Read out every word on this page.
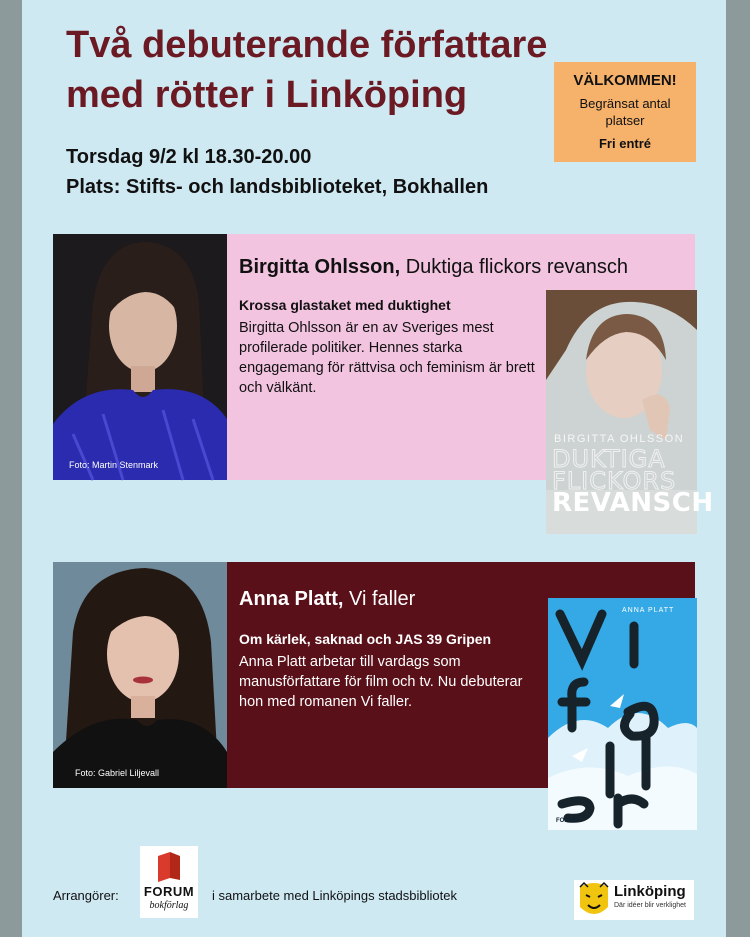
Två debuterande författare
med rötter i Linköping	VÄLKOMMEN!
Begränsat antal platser
Fri entré
Torsdag 9/2 kl 18.30-20.00
Plats: Stifts- och landsbiblioteket, Bokhallen
Foto: Martin Stenmark
Birgitta Ohlsson, Duktiga flickors revansch
Krossa glastaket med duktighet
Birgitta Ohlsson är en av Sveriges mest profilerade politiker. Hennes starka engagemang för rättvisa och feminism är brett och välkänt.
BIRGITTA OHLSSON
DUKTIGA
FLICKORS
REVANSCH
Foto: Gabriel Liljevall
Anna Platt, Vi faller
Om kärlek, saknad och JAS 39 Gripen
Anna Platt arbetar till vardags som manusförfattare för film och tv. Nu debuterar hon med romanen Vi faller.
ANNA PLATT
FORUM
Arrangörer: FORUM
bokförlag
i samarbete med Linköpings stadsbibliotek	Linköping
Där idéer blir verklighet
